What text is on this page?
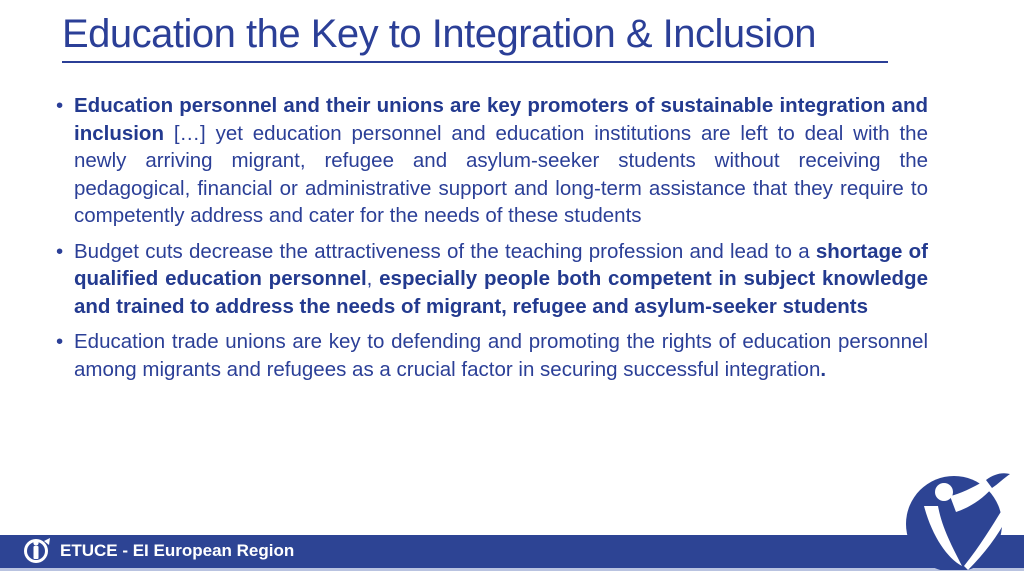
Education the Key to Integration & Inclusion
• Education personnel and their unions are key promoters of sustainable integration and inclusion […] yet education personnel and education institutions are left to deal with the newly arriving migrant, refugee and asylum-seeker students without receiving the pedagogical, financial or administrative support and long-term assistance that they require to competently address and cater for the needs of these students
• Budget cuts decrease the attractiveness of the teaching profession and lead to a shortage of qualified education personnel, especially people both competent in subject knowledge and trained to address the needs of migrant, refugee and asylum-seeker students
• Education trade unions are key to defending and promoting the rights of education personnel among migrants and refugees as a crucial factor in securing successful integration.
ETUCE - EI European Region
